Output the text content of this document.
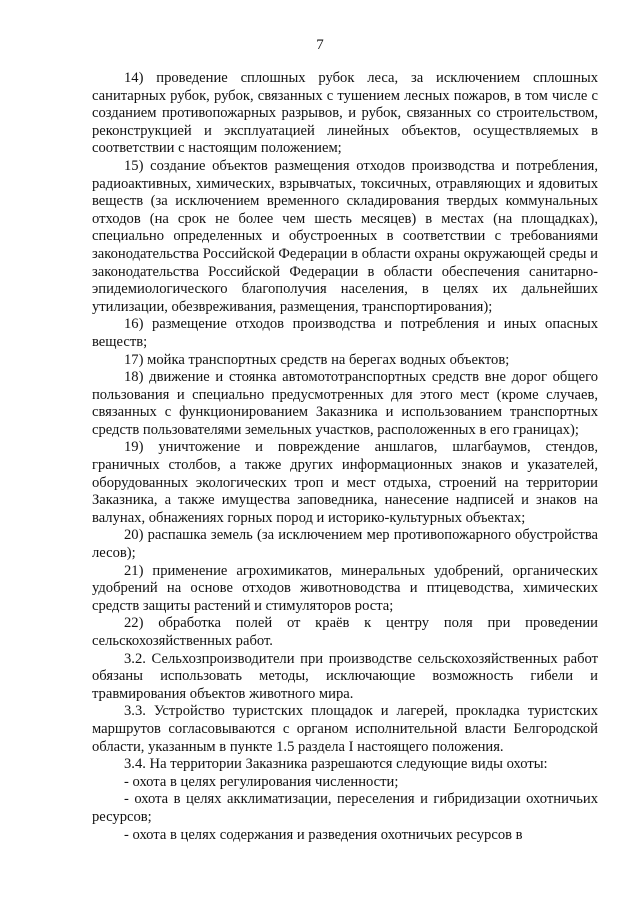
7

14) проведение сплошных рубок леса, за исключением сплошных санитарных рубок, рубок, связанных с тушением лесных пожаров, в том числе с созданием противопожарных разрывов, и рубок, связанных со строительством, реконструкцией и эксплуатацией линейных объектов, осуществляемых в соответствии с настоящим положением;

15) создание объектов размещения отходов производства и потребления, радиоактивных, химических, взрывчатых, токсичных, отравляющих и ядовитых веществ (за исключением временного складирования твердых коммунальных отходов (на срок не более чем шесть месяцев) в местах (на площадках), специально определенных и обустроенных в соответствии с требованиями законодательства Российской Федерации в области охраны окружающей среды и законодательства Российской Федерации в области обеспечения санитарно-эпидемиологического благополучия населения, в целях их дальнейших утилизации, обезвреживания, размещения, транспортирования);

16) размещение отходов производства и потребления и иных опасных веществ;

17) мойка транспортных средств на берегах водных объектов;

18) движение и стоянка автомототранспортных средств вне дорог общего пользования и специально предусмотренных для этого мест (кроме случаев, связанных с функционированием Заказника и использованием транспортных средств пользователями земельных участков, расположенных в его границах);

19) уничтожение и повреждение аншлагов, шлагбаумов, стендов, граничных столбов, а также других информационных знаков и указателей, оборудованных экологических троп и мест отдыха, строений на территории Заказника, а также имущества заповедника, нанесение надписей и знаков на валунах, обнажениях горных пород и историко-культурных объектах;

20) распашка земель (за исключением мер противопожарного обустройства лесов);

21) применение агрохимикатов, минеральных удобрений, органических удобрений на основе отходов животноводства и птицеводства, химических средств защиты растений и стимуляторов роста;

22) обработка полей от краёв к центру поля при проведении сельскохозяйственных работ.

3.2. Сельхозпроизводители при производстве сельскохозяйственных работ обязаны использовать методы, исключающие возможность гибели и травмирования объектов животного мира.

3.3. Устройство туристских площадок и лагерей, прокладка туристских маршрутов согласовываются с органом исполнительной власти Белгородской области, указанным в пункте 1.5 раздела I настоящего положения.

3.4. На территории Заказника разрешаются следующие виды охоты:

- охота в целях регулирования численности;

- охота в целях акклиматизации, переселения и гибридизации охотничьих ресурсов;

- охота в целях содержания и разведения охотничьих ресурсов в
